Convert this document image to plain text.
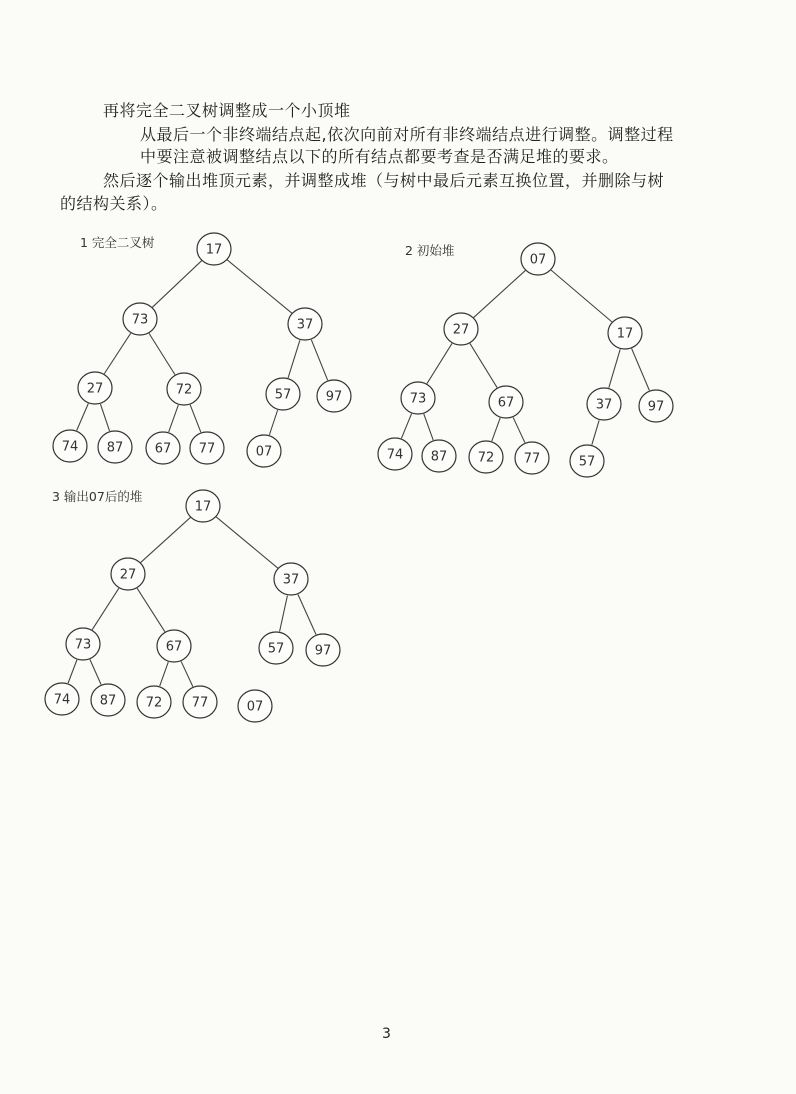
再将完全二叉树调整成一个小顶堆
从最后一个非终端结点起,依次向前对所有非终端结点进行调整。调整过程
中要注意被调整结点以下的所有结点都要考查是否满足堆的要求。
然后逐个输出堆顶元素，并调整成堆（与树中最后元素互换位置，并删除与树
的结构关系）。
1 完全二叉树	17
73	37
27	72	57	97
74 87 67 77	07
2 初始堆
07
27	17
73	67	37	97
74 87 72 77	57
3 输出07后的堆
17
27	37
73	67	57 97
74 87 72 77	07
3
